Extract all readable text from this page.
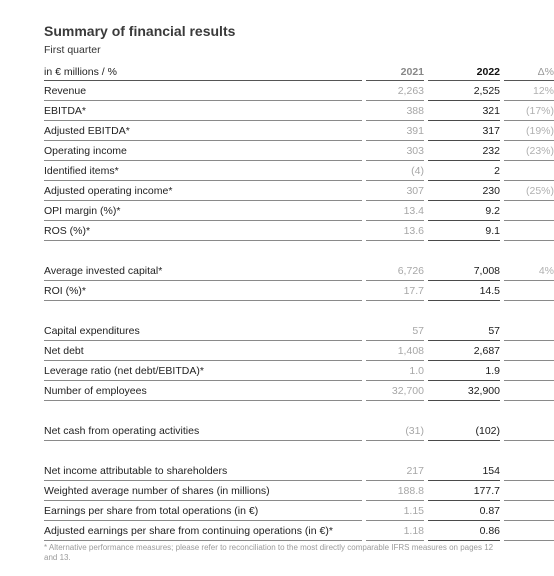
Summary of financial results
First quarter
in € millions / %	2021	2022	Δ%
Revenue	2,263	2,525	12%
EBITDA*	388	321	(17%)
Adjusted EBITDA*	391	317	(19%)
Operating income	303	232	(23%)
Identified items*	(4)	2
Adjusted operating income*	307	230	(25%)
OPI margin (%)*	13.4	9.2
ROS (%)*	13.6	9.1
Average invested capital*	6,726	7,008	4%
ROI (%)*	17.7	14.5
Capital expenditures	57	57
Net debt	1,408	2,687
Leverage ratio (net debt/EBITDA)*	1.0	1.9
Number of employees	32,700	32,900
Net cash from operating activities	(31)	(102)
Net income attributable to shareholders	217	154
Weighted average number of shares (in millions)	188.8	177.7
Earnings per share from total operations (in €)	1.15	0.87
Adjusted earnings per share from continuing operations (in €)*	1.18	0.86
* Alternative performance measures; please refer to reconciliation to the most directly comparable IFRS measures on pages 12 and 13.
